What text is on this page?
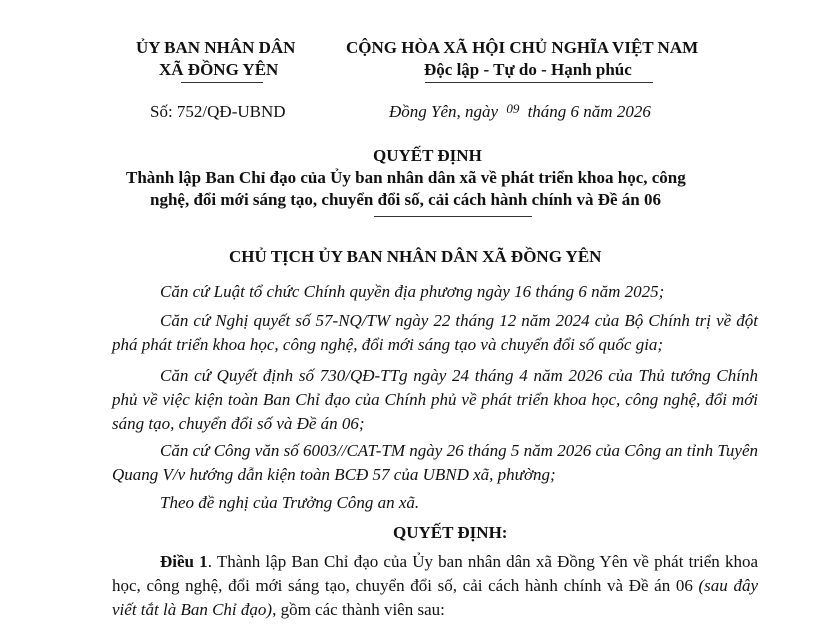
ỦY BAN NHÂN DÂN
XÃ ĐỒNG YÊN
CỘNG HÒA XÃ HỘI CHỦ NGHĨA VIỆT NAM
Độc lập - Tự do - Hạnh phúc
Số: 752/QĐ-UBND	Đồng Yên, ngày $^{09}$ tháng 6 năm 2026
QUYẾT ĐỊNH
Thành lập Ban Chỉ đạo của Ủy ban nhân dân xã về phát triển khoa học, công
nghệ, đổi mới sáng tạo, chuyển đổi số, cải cách hành chính và Đề án 06
CHỦ TỊCH ỦY BAN NHÂN DÂN XÃ ĐỒNG YÊN
Căn cứ Luật tổ chức Chính quyền địa phương ngày 16 tháng 6 năm 2025;
Căn cứ Nghị quyết số 57-NQ/TW ngày 22 tháng 12 năm 2024 của Bộ Chính trị về đột phá phát triển khoa học, công nghệ, đổi mới sáng tạo và chuyển đổi số quốc gia;
Căn cứ Quyết định số 730/QĐ-TTg ngày 24 tháng 4 năm 2026 của Thủ tướng Chính phủ về việc kiện toàn Ban Chỉ đạo của Chính phủ về phát triển khoa học, công nghệ, đổi mới sáng tạo, chuyển đổi số và Đề án 06;
Căn cứ Công văn số 6003//CAT-TM ngày 26 tháng 5 năm 2026 của Công an tỉnh Tuyên Quang V/v hướng dẫn kiện toàn BCĐ 57 của UBND xã, phường;
Theo đề nghị của Trưởng Công an xã.
QUYẾT ĐỊNH:
Điều 1. Thành lập Ban Chỉ đạo của Ủy ban nhân dân xã Đồng Yên về phát triển khoa học, công nghệ, đổi mới sáng tạo, chuyển đổi số, cải cách hành chính và Đề án 06 (sau đây viết tắt là Ban Chỉ đạo), gồm các thành viên sau:
